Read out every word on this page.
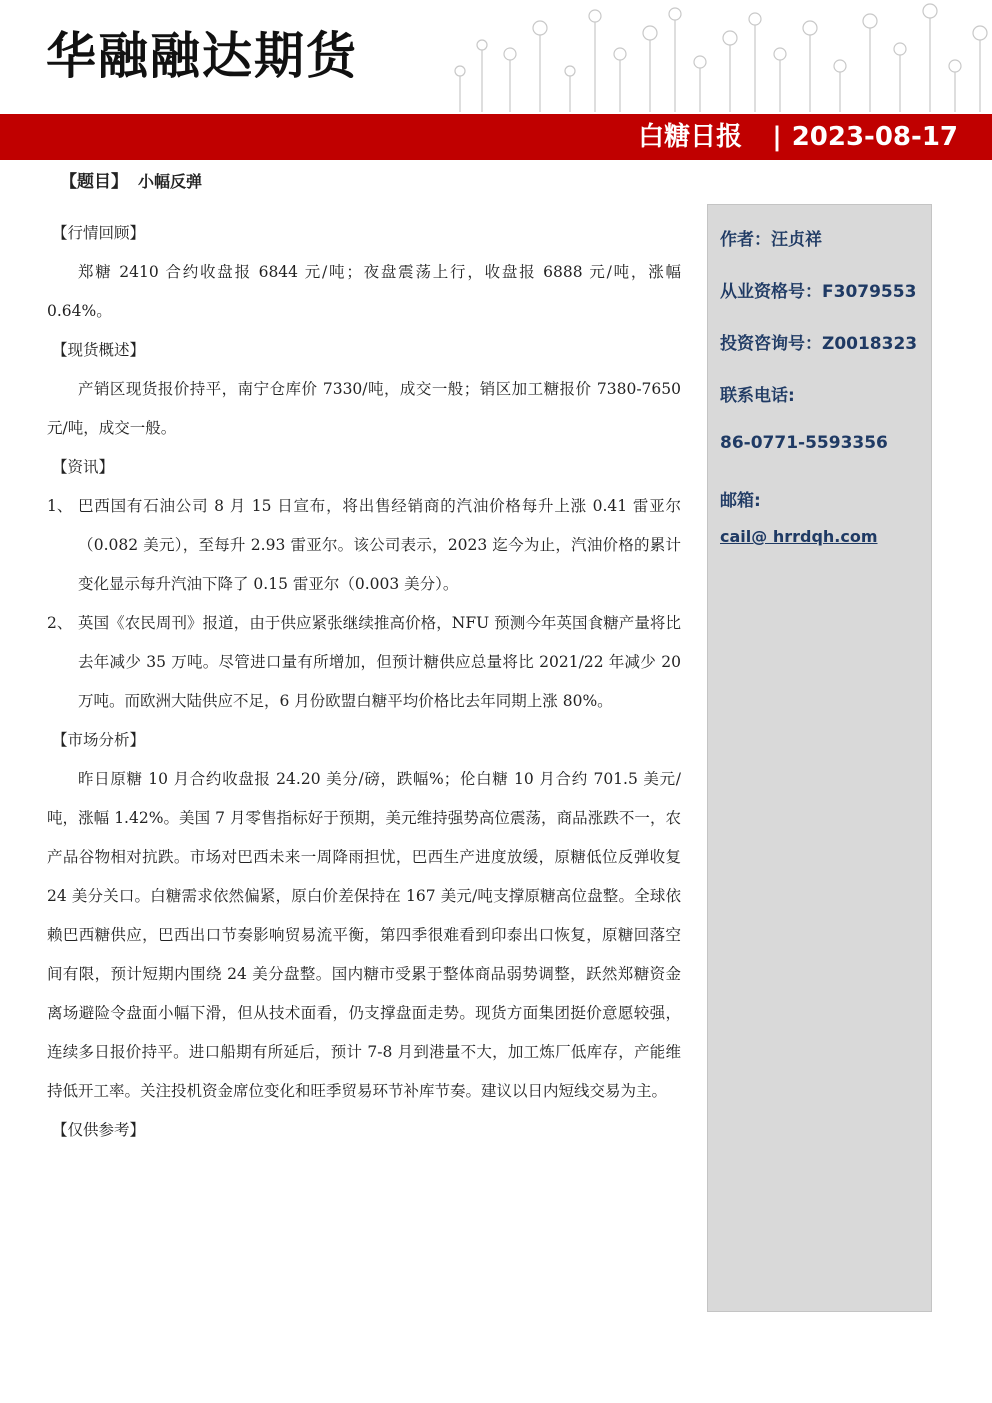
华融融达期货
白糖日报 | 2023-08-17
【题目】 小幅反弹
【行情回顾】

郑糖 2410 合约收盘报 6844 元/吨；夜盘震荡上行，收盘报 6888 元/吨，涨幅 0.64%。

【现货概述】

产销区现货报价持平，南宁仓库价 7330/吨，成交一般；销区加工糖报价 7380-7650 元/吨，成交一般。

【资讯】
1、 巴西国有石油公司 8 月 15 日宣布，将出售经销商的汽油价格每升上涨 0.41 雷亚尔（0.082 美元），至每升 2.93 雷亚尔。该公司表示，2023 迄今为止，汽油价格的累计变化显示每升汽油下降了 0.15 雷亚尔（0.003 美分）。
2、 英国《农民周刊》报道，由于供应紧张继续推高价格，NFU 预测今年英国食糖产量将比去年减少 35 万吨。尽管进口量有所增加，但预计糖供应总量将比 2021/22 年减少 20 万吨。而欧洲大陆供应不足，6 月份欧盟白糖平均价格比去年同期上涨 80%。
【市场分析】

昨日原糖 10 月合约收盘报 24.20 美分/磅，跌幅%；伦白糖 10 月合约 701.5 美元/吨，涨幅 1.42%。美国 7 月零售指标好于预期，美元维持强势高位震荡，商品涨跌不一，农产品谷物相对抗跌。市场对巴西未来一周降雨担忧，巴西生产进度放缓，原糖低位反弹收复 24 美分关口。白糖需求依然偏紧，原白价差保持在 167 美元/吨支撑原糖高位盘整。全球依赖巴西糖供应，巴西出口节奏影响贸易流平衡，第四季很难看到印泰出口恢复，原糖回落空间有限，预计短期内围绕 24 美分盘整。国内糖市受累于整体商品弱势调整，跃然郑糖资金离场避险令盘面小幅下滑，但从技术面看，仍支撑盘面走势。现货方面集团挺价意愿较强，连续多日报价持平。进口船期有所延后，预计 7-8 月到港量不大，加工炼厂低库存，产能维持低开工率。关注投机资金席位变化和旺季贸易环节补库节奏。建议以日内短线交易为主。

【仅供参考】
作者：汪贞祥
从业资格号：F3079553
投资咨询号：Z0018323
联系电话:
86-0771-5593356
邮箱:
cail@ hrrdqh.com
